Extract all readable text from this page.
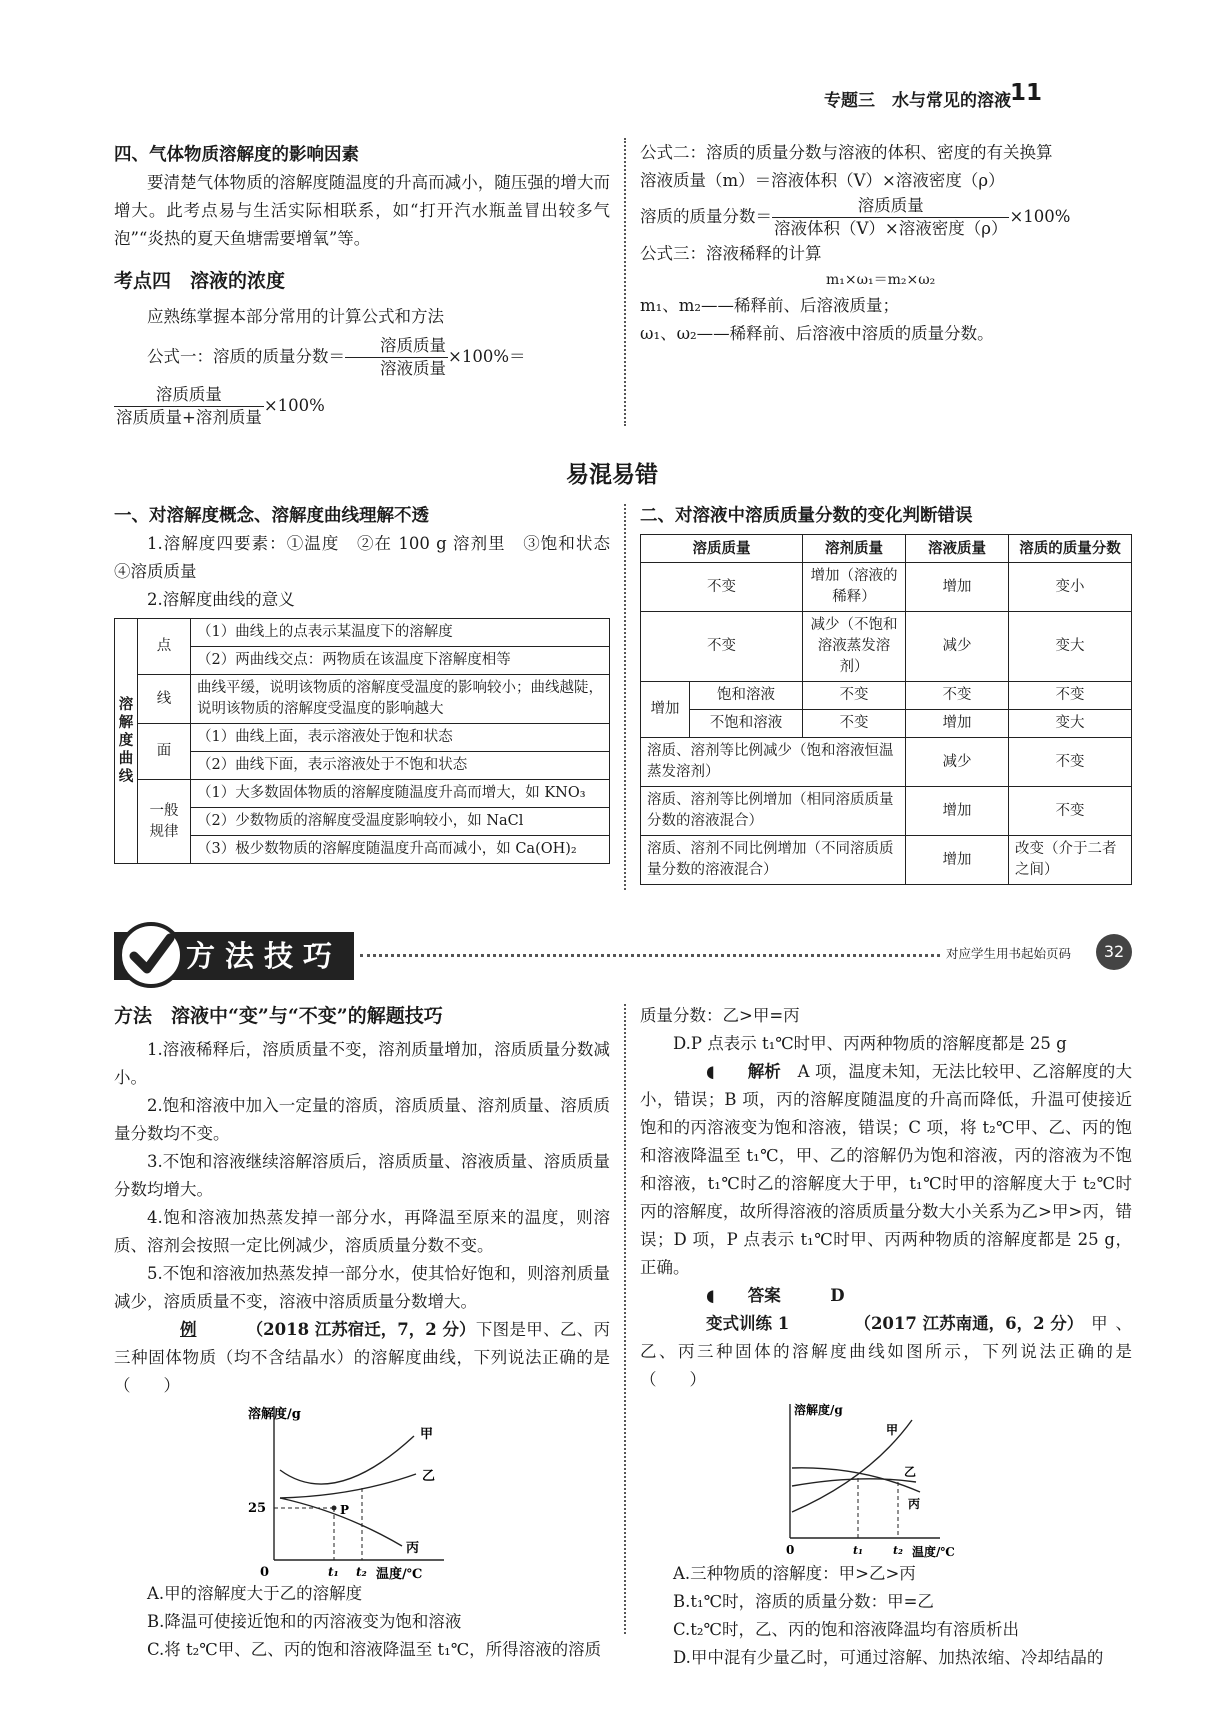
专题三　水与常见的溶液
11

四、气体物质溶解度的影响因素

要清楚气体物质的溶解度随温度的升高而减小，随压强的增大而增大。此考点易与生活实际相联系，如“打开汽水瓶盖冒出较多气泡”“炎热的夏天鱼塘需要增氧”等。

考点四　溶液的浓度

应熟练掌握本部分常用的计算公式和方法

公式一：溶质的质量分数＝ $\frac{\text{溶质质量}}{\text{溶液质量}} \times 100\%=$
$\frac{\text{溶质质量}}{\text{溶质质量+溶剂质量}} \times 100\%$

公式二：溶质的质量分数与溶液的体积、密度的有关换算

溶液质量（m）＝溶液体积（V）×溶液密度（ρ）

溶质的质量分数＝ $\frac{\text{溶质质量}}{\text{溶液体积（V）×溶液密度（ρ）}} \times 100\%$

公式三：溶液稀释的计算

m₁×ω₁＝m₂×ω₂

m₁、m₂——稀释前、后溶液质量；

ω₁、ω₂——稀释前、后溶液中溶质的质量分数。

易混易错

一、对溶解度概念、溶解度曲线理解不透

1.溶解度四要素：①温度　②在 100 g 溶剂里　③饱和状态　④溶质质量

2.溶解度曲线的意义

溶解度曲线	点	（1）曲线上的点表示某温度下的溶解度
		（2）两曲线交点：两物质在该温度下溶解度相等
	线	曲线平缓，说明该物质的溶解度受温度的影响较小；曲线越陡，说明该物质的溶解度受温度的影响越大
	面	（1）曲线上面，表示溶液处于饱和状态
		（2）曲线下面，表示溶液处于不饱和状态
	一般规律	（1）大多数固体物质的溶解度随温度升高而增大，如 KNO₃
		（2）少数物质的溶解度受温度影响较小，如 NaCl
		（3）极少数物质的溶解度随温度升高而减小，如 Ca(OH)₂

二、对溶液中溶质质量分数的变化判断错误

溶质质量		溶剂质量	溶液质量	溶质的质量分数
不变		增加（溶液的稀释）	增加	变小
不变		减少（不饱和溶液蒸发溶剂）	减少	变大
增加	饱和溶液	不变	不变	不变
	不饱和溶液	不变	增加	变大
溶质、溶剂等比例减少（饱和溶液恒温蒸发溶剂）			减少	不变
溶质、溶剂等比例增加（相同溶质质量分数的溶液混合）			增加	不变
溶质、溶剂不同比例增加（不同溶质质量分数的溶液混合）			增加	改变（介于二者之间）
方法技巧	对应学生用书起始页码	32

方法　溶液中“变”与“不变”的解题技巧

1.溶液稀释后，溶质质量不变，溶剂质量增加，溶质质量分数减小。

2.饱和溶液中加入一定量的溶质，溶质质量、溶剂质量、溶质质量分数均不变。

3.不饱和溶液继续溶解溶质后，溶质质量、溶液质量、溶质质量分数均增大。

4.饱和溶液加热蒸发掉一部分水，再降温至原来的温度，则溶质、溶剂会按照一定比例减少，溶质质量分数不变。

5.不饱和溶液加热蒸发掉一部分水，使其恰好饱和，则溶剂质量减少，溶质质量不变，溶液中溶质质量分数增大。

例　	（2018 江苏宿迁，7，2 分）下图是甲、乙、丙三种固体物质（均不含结晶水）的溶解度曲线，下列说法正确的是　　（　　）

溶解度/g
温度/℃
0
25
t₁ t₂
P
甲
乙
丙

A.甲的溶解度大于乙的溶解度

B.降温可使接近饱和的丙溶液变为饱和溶液

C.将 t₂℃甲、乙、丙的饱和溶液降温至 t₁℃，所得溶液的溶质

质量分数：乙>甲=丙

D.P 点表示 t₁℃时甲、丙两种物质的溶解度都是 25 g

◖ 解析　 A 项，温度未知，无法比较甲、乙溶解度的大小，错误；B 项，丙的溶解度随温度的升高而降低，升温可使接近饱和的丙溶液变为饱和溶液，错误；C 项，将 t₂℃甲、乙、丙的饱和溶液降温至 t₁℃，甲、乙的溶解仍为饱和溶液，丙的溶液为不饱和溶液，t₁℃时乙的溶解度大于甲，t₁℃时甲的溶解度大于 t₂℃时丙的溶解度，故所得溶液的溶质质量分数大小关系为乙>甲>丙，错误；D 项，P 点表示 t₁℃时甲、丙两种物质的溶解度都是 25 g，正确。

◖ 答案　	D

变式训练 1　	（2017 江苏南通，6，2 分）甲、乙、丙三种固体的溶解度曲线如图所示，下列说法正确的是　　　　　（　　）

溶解度/g
温度/℃
0	t₁	t₂
甲
乙
丙

A.三种物质的溶解度：甲>乙>丙

B.t₁℃时，溶质的质量分数：甲=乙

C.t₂℃时，乙、丙的饱和溶液降温均有溶质析出

D.甲中混有少量乙时，可通过溶解、加热浓缩、冷却结晶的
